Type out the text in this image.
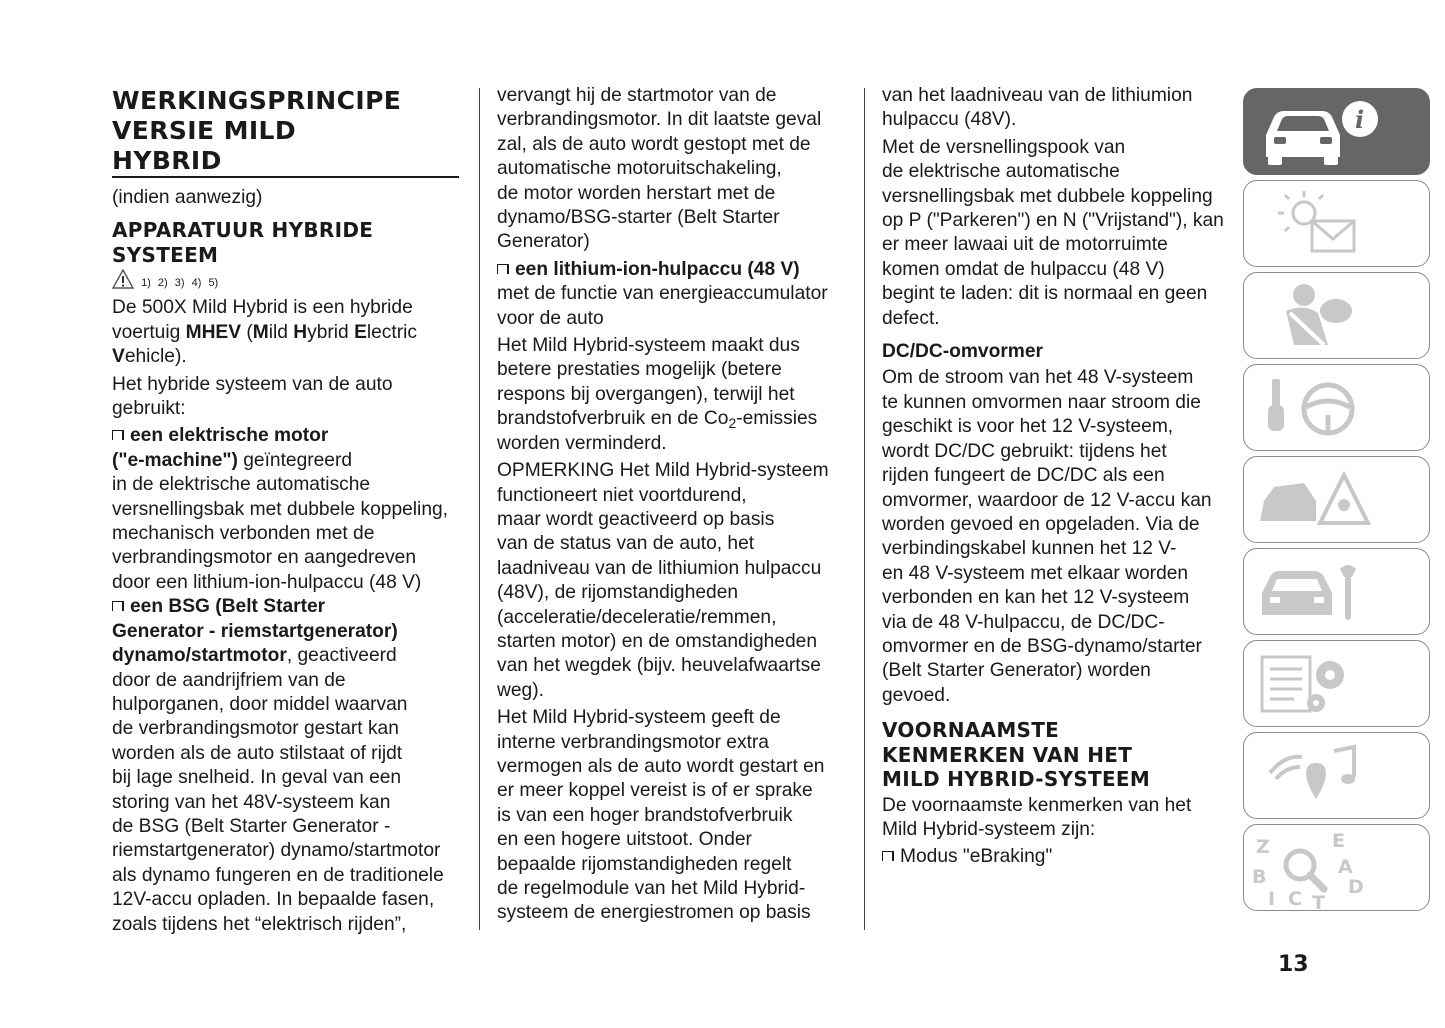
WERKINGSPRINCIPE
VERSIE MILD
HYBRID
(indien aanwezig)
APPARATUUR HYBRIDE
SYSTEEM
1) 2) 3) 4) 5)
De 500X Mild Hybrid is een hybride
voertuig MHEV (Mild Hybrid Electric
Vehicle).
Het hybride systeem van de auto
gebruikt:
een elektrische motor
("e-machine") geïntegreerd
in de elektrische automatische
versnellingsbak met dubbele koppeling,
mechanisch verbonden met de
verbrandingsmotor en aangedreven
door een lithium-ion-hulpaccu (48 V)
een BSG (Belt Starter
Generator - riemstartgenerator)
dynamo/startmotor, geactiveerd
door de aandrijfriem van de
hulporganen, door middel waarvan
de verbrandingsmotor gestart kan
worden als de auto stilstaat of rijdt
bij lage snelheid. In geval van een
storing van het 48V-systeem kan
de BSG (Belt Starter Generator -
riemstartgenerator) dynamo/startmotor
als dynamo fungeren en de traditionele
12V-accu opladen. In bepaalde fasen,
zoals tijdens het “elektrisch rijden”,
vervangt hij de startmotor van de
verbrandingsmotor. In dit laatste geval
zal, als de auto wordt gestopt met de
automatische motoruitschakeling,
de motor worden herstart met de
dynamo/BSG-starter (Belt Starter
Generator)
een lithium-ion-hulpaccu (48 V)
met de functie van energieaccumulator
voor de auto
Het Mild Hybrid-systeem maakt dus
betere prestaties mogelijk (betere
respons bij overgangen), terwijl het
brandstofverbruik en de $Co_2$-emissies
worden verminderd.
OPMERKING Het Mild Hybrid-systeem
functioneert niet voortdurend,
maar wordt geactiveerd op basis
van de status van de auto, het
laadniveau van de lithiumion hulpaccu
(48V), de rijomstandigheden
(acceleratie/deceleratie/remmen,
starten motor) en de omstandigheden
van het wegdek (bijv. heuvelafwaartse
weg).
Het Mild Hybrid-systeem geeft de
interne verbrandingsmotor extra
vermogen als de auto wordt gestart en
er meer koppel vereist is of er sprake
is van een hoger brandstofverbruik
en een hogere uitstoot. Onder
bepaalde rijomstandigheden regelt
de regelmodule van het Mild Hybrid-
systeem de energiestromen op basis
van het laadniveau van de lithiumion
hulpaccu (48V).
Met de versnellingspook van
de elektrische automatische
versnellingsbak met dubbele koppeling
op P ("Parkeren") en N ("Vrijstand"), kan
er meer lawaai uit de motorruimte
komen omdat de hulpaccu (48 V)
begint te laden: dit is normaal en geen
defect.
DC/DC-omvormer
Om de stroom van het 48 V-systeem
te kunnen omvormen naar stroom die
geschikt is voor het 12 V-systeem,
wordt DC/DC gebruikt: tijdens het
rijden fungeert de DC/DC als een
omvormer, waardoor de 12 V-accu kan
worden gevoed en opgeladen. Via de
verbindingskabel kunnen het 12 V-
en 48 V-systeem met elkaar worden
verbonden en kan het 12 V-systeem
via de 48 V-hulpaccu, de DC/DC-
omvormer en de BSG-dynamo/starter
(Belt Starter Generator) worden
gevoed.
VOORNAAMSTE
KENMERKEN VAN HET
MILD HYBRID-SYSTEEM
De voornaamste kenmerken van het
Mild Hybrid-systeem zijn:
Modus "eBraking"
i
Z	E
B	A
I C T
D
13
